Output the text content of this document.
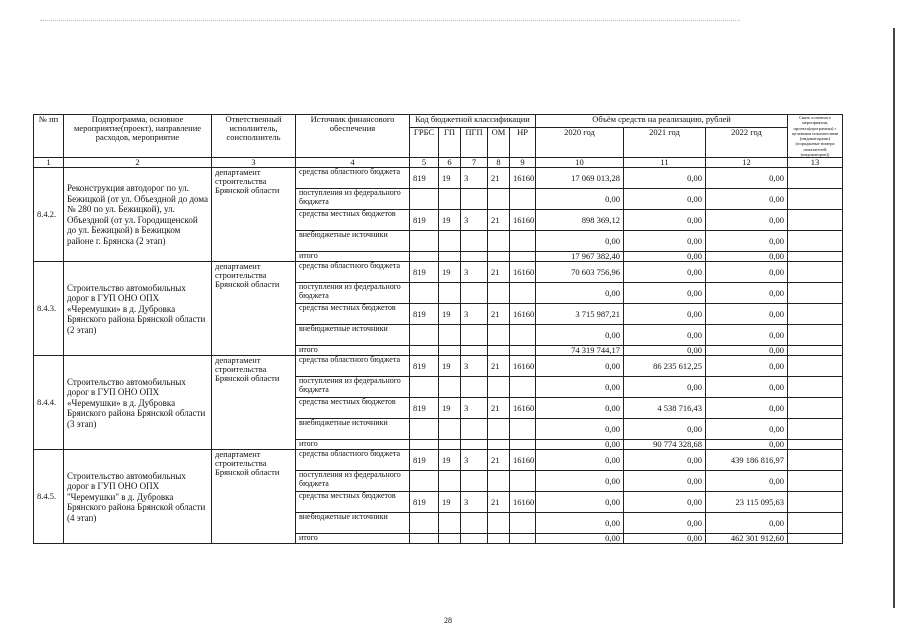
№ пп	Подпрограмма, основное мероприятие(проект), направление расходов, мероприятие	Ответственный исполнитель, соисполнитель	Источник финансового обеспечения	Код бюджетной классификации					Объём средств на реализацию, рублей			Связь основного мероприятия, проекта(программы) с целевыми показателями (индикаторами) (порядковые номера показателей (индикаторов))
				ГРБС	ГП	ПГП	ОМ	НР	2020 год	2021 год	2022 год	
1	2	3	4	5	6	7	8	9	10	11	12	13
8.4.2.	Реконструкция автодорог по ул. Бежицкой (от ул. Объездной до дома № 280 по ул. Бежицкой), ул. Объездной (от ул. Городищенской до ул. Бежицкой) в Бежицком районе г. Брянска (2 этап)	департамент строительства Брянской области	средства областного бюджета	819	19	3	21	16160	17 069 013,28	0,00	0,00	
			поступления из федерального бюджета						0,00	0,00	0,00	
			средства местных бюджетов	819	19	3	21	16160	898 369,12	0,00	0,00	
			внебюджетные источники						0,00	0,00	0,00	
			итого						17 967 382,40	0,00	0,00	
8.4.3.	Строительство автомобильных дорог в ГУП ОНО ОПХ «Черемушки» в д. Дубровка Брянского района Брянской области (2 этап)	департамент строительства Брянской области	средства областного бюджета	819	19	3	21	16160	70 603 756,96	0,00	0,00	
			поступления из федерального бюджета						0,00	0,00	0,00	
			средства местных бюджетов	819	19	3	21	16160	3 715 987,21	0,00	0,00	
			внебюджетные источники						0,00	0,00	0,00	
			итого						74 319 744,17	0,00	0,00	
8.4.4.	Строительство автомобильных дорог в ГУП ОНО ОПХ «Черемушки» в д. Дубровка Брянского района Брянской области (3 этап)	департамент строительства Брянской области	средства областного бюджета	819	19	3	21	16160	0,00	86 235 612,25	0,00	
			поступления из федерального бюджета						0,00	0,00	0,00	
			средства местных бюджетов	819	19	3	21	16160	0,00	4 538 716,43	0,00	
			внебюджетные источники						0,00	0,00	0,00	
			итого						0,00	90 774 328,68	0,00	
8.4.5.	Строительство автомобильных дорог в ГУП ОНО ОПХ "Черемушки" в д. Дубровка Брянского района Брянской области (4 этап)	департамент строительства Брянской области	средства областного бюджета	819	19	3	21	16160	0,00	0,00	439 186 816,97	
			поступления из федерального бюджета						0,00	0,00	0,00	
			средства местных бюджетов	819	19	3	21	16160	0,00	0,00	23 115 095,63	
			внебюджетные источники						0,00	0,00	0,00	
			итого						0,00	0,00	462 301 912,60	
28
